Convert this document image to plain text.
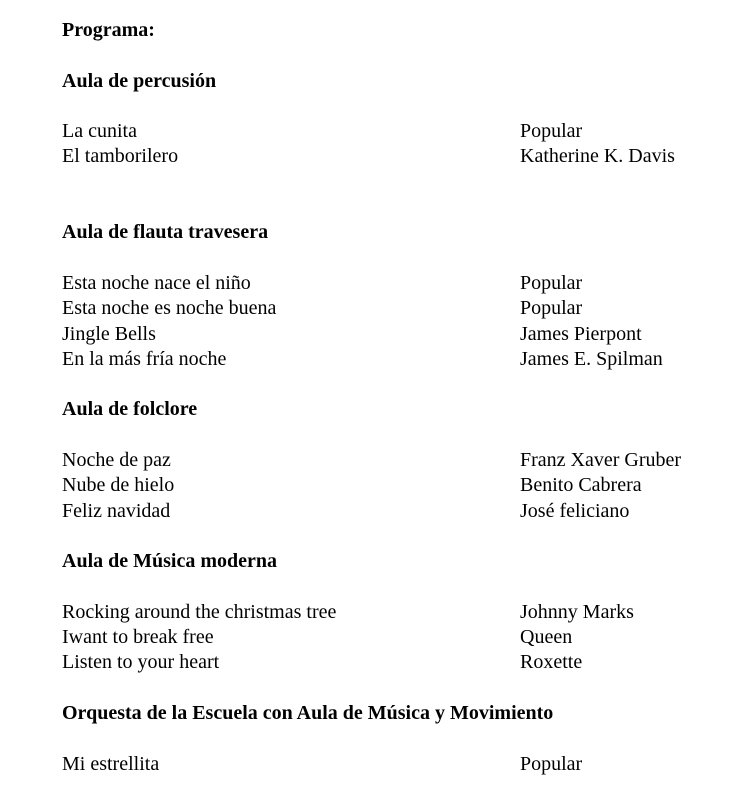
Programa:
Aula de percusión
La cunita	Popular
El tamborilero	Katherine K. Davis
Aula de flauta travesera
Esta noche nace el niño	Popular
Esta noche es noche buena	Popular
Jingle Bells	James Pierpont
En la más fría noche	James E. Spilman
Aula de folclore
Noche de paz	Franz Xaver Gruber
Nube de hielo	Benito Cabrera
Feliz navidad	José feliciano
Aula de Música moderna
Rocking around the christmas tree	Johnny Marks
Iwant to break free	Queen
Listen to your heart	Roxette
Orquesta de la Escuela con Aula de Música y Movimiento
Mi estrellita	Popular
